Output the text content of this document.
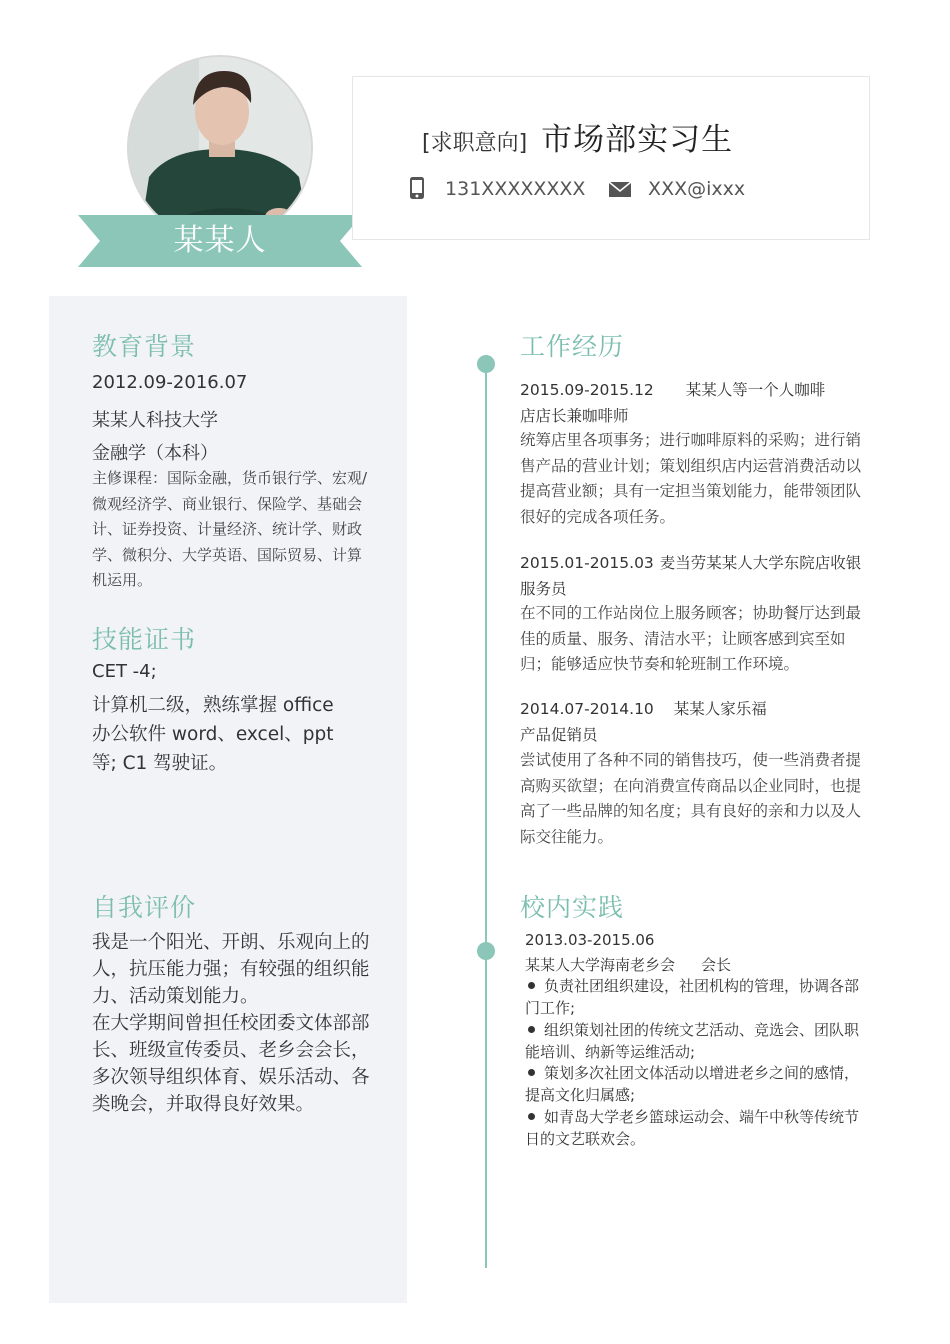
某某人
[求职意向] 市场部实习生
131XXXXXXXX	XXX@ixxx
教育背景
2012.09-2016.07
某某人科技大学
金融学（本科）
主修课程：国际金融，货币银行学、宏观/微观经济学、商业银行、保险学、基础会计、证券投资、计量经济、统计学、财政学、微积分、大学英语、国际贸易、计算机运用。
技能证书
CET -4;
计算机二级，熟练掌握 office 办公软件 word、excel、ppt 等; C1 驾驶证。
自我评价
我是一个阳光、开朗、乐观向上的人，抗压能力强；有较强的组织能力、活动策划能力。
在大学期间曾担任校团委文体部部长、班级宣传委员、老乡会会长，多次领导组织体育、娱乐活动、各类晚会，并取得良好效果。
工作经历
2015.09-2015.12 某某人等一个人咖啡
店店长兼咖啡师
统筹店里各项事务；进行咖啡原料的采购；进行销售产品的营业计划；策划组织店内运营消费活动以提高营业额；具有一定担当策划能力，能带领团队很好的完成各项任务。
2015.01-2015.03 麦当劳某某人大学东院店收银
服务员
在不同的工作站岗位上服务顾客；协助餐厅达到最佳的质量、服务、清洁水平；让顾客感到宾至如归；能够适应快节奏和轮班制工作环境。
2014.07-2014.10 某某人家乐福
产品促销员
尝试使用了各种不同的销售技巧，使一些消费者提高购买欲望；在向消费宣传商品以企业同时，也提高了一些品牌的知名度；具有良好的亲和力以及人际交往能力。
校内实践
2013.03-2015.06
某某人大学海南老乡会 会长
负责社团组织建设，社团机构的管理，协调各部门工作;
组织策划社团的传统文艺活动、竞选会、团队职能培训、纳新等运维活动;
策划多次社团文体活动以增进老乡之间的感情，提高文化归属感;
如青岛大学老乡篮球运动会、端午中秋等传统节日的文艺联欢会。
